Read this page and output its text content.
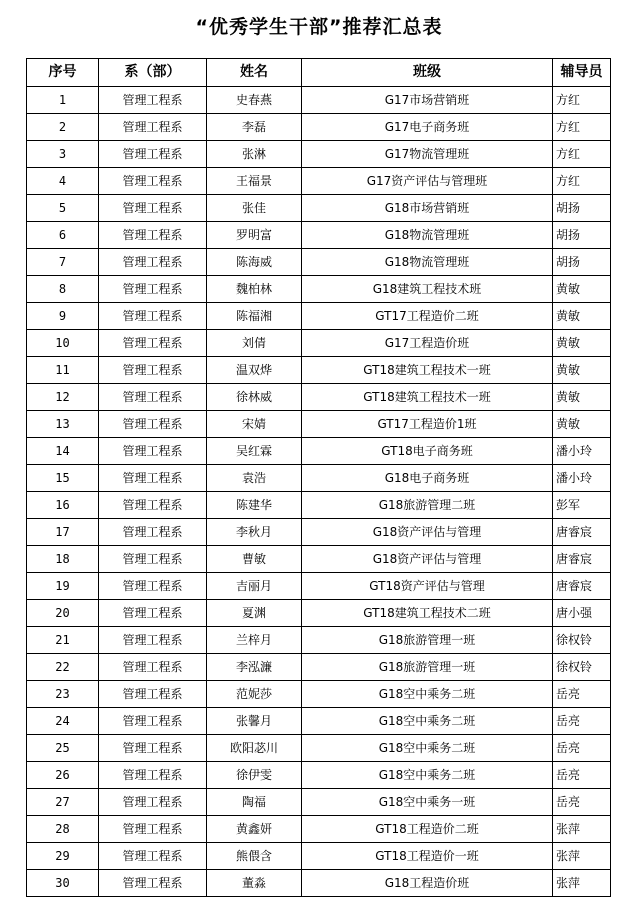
“优秀学生干部”推荐汇总表
序号	系（部）	姓名	班级	辅导员
1	管理工程系	史春燕	G17市场营销班	方红
2	管理工程系	李磊	G17电子商务班	方红
3	管理工程系	张淋	G17物流管理班	方红
4	管理工程系	王福景	G17资产评估与管理班	方红
5	管理工程系	张佳	G18市场营销班	胡扬
6	管理工程系	罗明富	G18物流管理班	胡扬
7	管理工程系	陈海威	G18物流管理班	胡扬
8	管理工程系	魏柏林	G18建筑工程技术班	黄敏
9	管理工程系	陈福湘	GT17工程造价二班	黄敏
10	管理工程系	刘倩	G17工程造价班	黄敏
11	管理工程系	温双烨	GT18建筑工程技术一班	黄敏
12	管理工程系	徐林威	GT18建筑工程技术一班	黄敏
13	管理工程系	宋婧	GT17工程造价1班	黄敏
14	管理工程系	吴红霖	GT18电子商务班	潘小玲
15	管理工程系	袁浩	G18电子商务班	潘小玲
16	管理工程系	陈建华	G18旅游管理二班	彭军
17	管理工程系	李秋月	G18资产评估与管理	唐睿宸
18	管理工程系	曹敏	G18资产评估与管理	唐睿宸
19	管理工程系	吉丽月	GT18资产评估与管理	唐睿宸
20	管理工程系	夏渊	GT18建筑工程技术二班	唐小强
21	管理工程系	兰梓月	G18旅游管理一班	徐权铃
22	管理工程系	李泓濂	G18旅游管理一班	徐权铃
23	管理工程系	范妮莎	G18空中乘务二班	岳亮
24	管理工程系	张馨月	G18空中乘务二班	岳亮
25	管理工程系	欧阳苾川	G18空中乘务二班	岳亮
26	管理工程系	徐伊雯	G18空中乘务二班	岳亮
27	管理工程系	陶福	G18空中乘务一班	岳亮
28	管理工程系	黄鑫妍	GT18工程造价二班	张萍
29	管理工程系	熊偎含	GT18工程造价一班	张萍
30	管理工程系	董淼	G18工程造价班	张萍
